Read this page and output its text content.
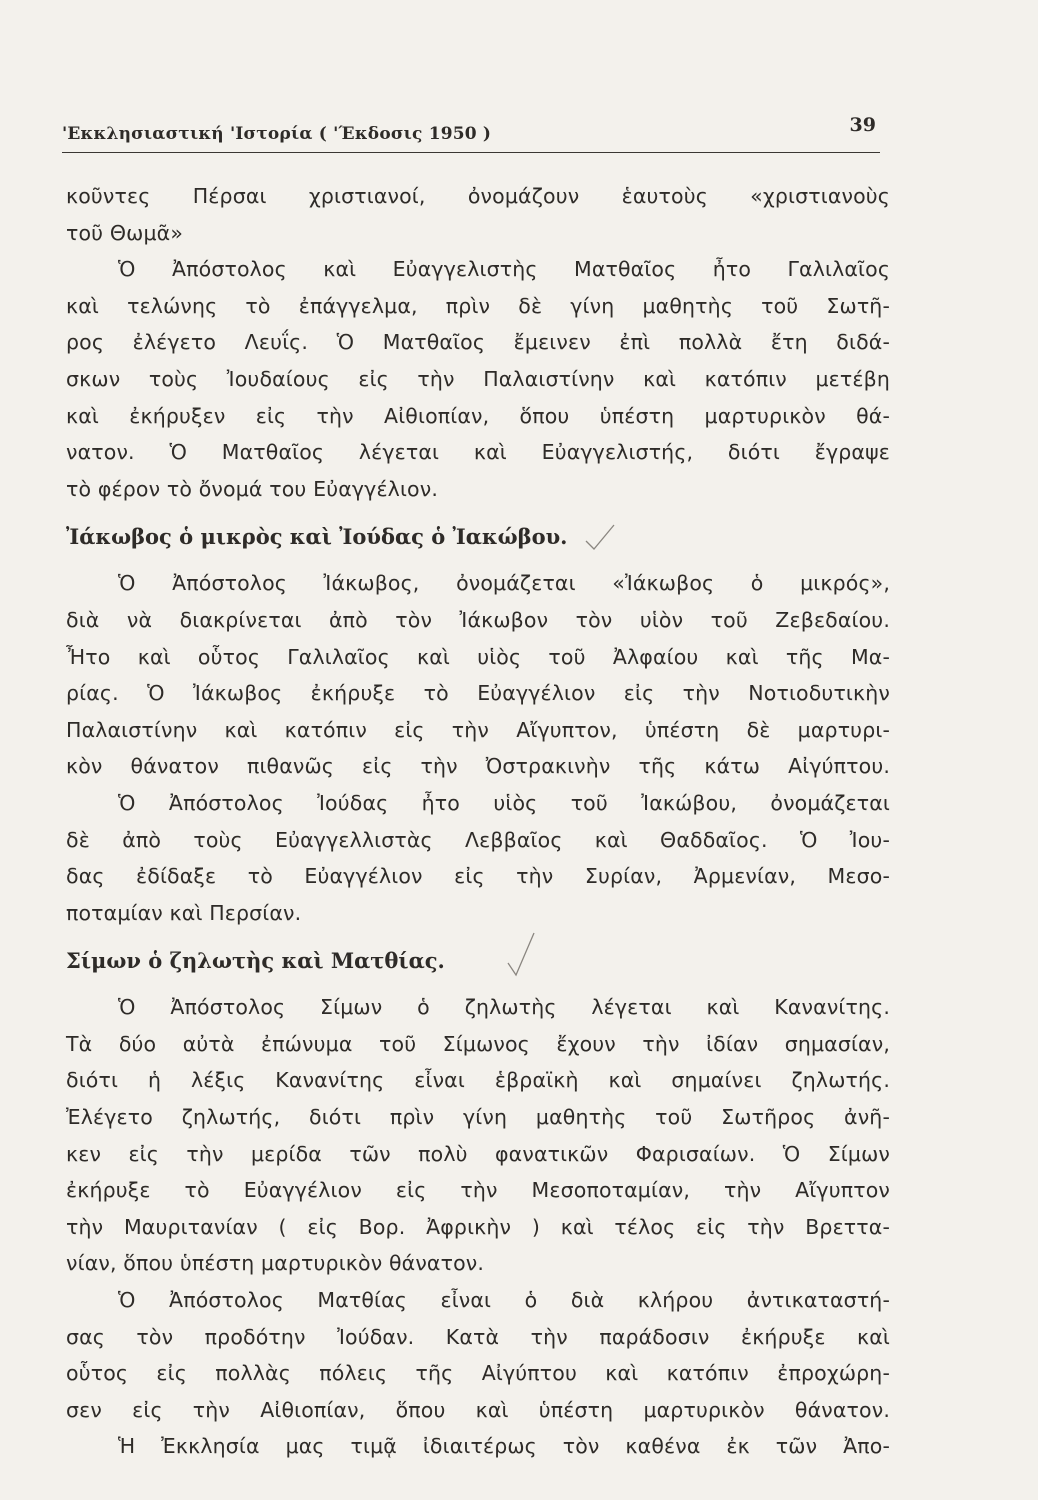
'Εκκλησιαστική 'Ιστορία ( 'Έκδοσις 1950 )	39
κοῦντες Πέρσαι χριστιανοί, ὀνομάζουν ἑαυτοὺς «χριστιανοὺς
τοῦ Θωμᾶ»
Ὁ Ἀπόστολος καὶ Εὐαγγελιστὴς Ματθαῖος ἦτο Γαλιλαῖος
καὶ τελώνης τὸ ἐπάγγελμα, πρὶν δὲ γίνη μαθητὴς τοῦ Σωτῆ-
ρος ἐλέγετο Λευΐς. Ὁ Ματθαῖος ἔμεινεν ἐπὶ πολλὰ ἔτη διδά-
σκων τοὺς Ἰουδαίους εἰς τὴν Παλαιστίνην καὶ κατόπιν μετέβη
καὶ ἐκήρυξεν εἰς τὴν Αἰθιοπίαν, ὅπου ὑπέστη μαρτυρικὸν θά-
νατον. Ὁ Ματθαῖος λέγεται καὶ Εὐαγγελιστής, διότι ἔγραψε
τὸ φέρον τὸ ὄνομά του Εὐαγγέλιον.
Ἰάκωβος ὁ μικρὸς καὶ Ἰούδας ὁ Ἰακώβου.
Ὁ Ἀπόστολος Ἰάκωβος, ὀνομάζεται «Ἰάκωβος ὁ μικρός»,
διὰ νὰ διακρίνεται ἀπὸ τὸν Ἰάκωβον τὸν υἱὸν τοῦ Ζεβεδαίου.
Ἦτο καὶ οὗτος Γαλιλαῖος καὶ υἱὸς τοῦ Ἀλφαίου καὶ τῆς Μα-
ρίας. Ὁ Ἰάκωβος ἐκήρυξε τὸ Εὐαγγέλιον εἰς τὴν Νοτιοδυτικὴν
Παλαιστίνην καὶ κατόπιν εἰς τὴν Αἴγυπτον, ὑπέστη δὲ μαρτυρι-
κὸν θάνατον πιθανῶς εἰς τὴν Ὀστρακινὴν τῆς κάτω Αἰγύπτου.
Ὁ Ἀπόστολος Ἰούδας ἦτο υἱὸς τοῦ Ἰακώβου, ὀνομάζεται
δὲ ἀπὸ τοὺς Εὐαγγελλιστὰς Λεββαῖος καὶ Θαδδαῖος. Ὁ Ἰου-
δας ἐδίδαξε τὸ Εὐαγγέλιον εἰς τὴν Συρίαν, Ἀρμενίαν, Μεσο-
ποταμίαν καὶ Περσίαν.
Σίμων ὁ ζηλωτὴς καὶ Ματθίας.
Ὁ Ἀπόστολος Σίμων ὁ ζηλωτὴς λέγεται καὶ Κανανίτης.
Τὰ δύο αὐτὰ ἐπώνυμα τοῦ Σίμωνος ἔχουν τὴν ἰδίαν σημασίαν,
διότι ἡ λέξις Κανανίτης εἶναι ἑβραϊκὴ καὶ σημαίνει ζηλωτής.
Ἐλέγετο ζηλωτής, διότι πρὶν γίνη μαθητὴς τοῦ Σωτῆρος ἀνῆ-
κεν εἰς τὴν μερίδα τῶν πολὺ φανατικῶν Φαρισαίων. Ὁ Σίμων
ἐκήρυξε τὸ Εὐαγγέλιον εἰς τὴν Μεσοποταμίαν, τὴν Αἴγυπτον
τὴν Μαυριτανίαν ( εἰς Βορ. Ἀφρικὴν ) καὶ τέλος εἰς τὴν Βρεττα-
νίαν, ὅπου ὑπέστη μαρτυρικὸν θάνατον.
Ὁ Ἀπόστολος Ματθίας εἶναι ὁ διὰ κλήρου ἀντικαταστή-
σας τὸν προδότην Ἰούδαν. Κατὰ τὴν παράδοσιν ἐκήρυξε καὶ
οὗτος εἰς πολλὰς πόλεις τῆς Αἰγύπτου καὶ κατόπιν ἐπροχώρη-
σεν εἰς τὴν Αἰθιοπίαν, ὅπου καὶ ὑπέστη μαρτυρικὸν θάνατον.
Ἡ Ἐκκλησία μας τιμᾷ ἰδιαιτέρως τὸν καθένα ἐκ τῶν Ἀπο-
